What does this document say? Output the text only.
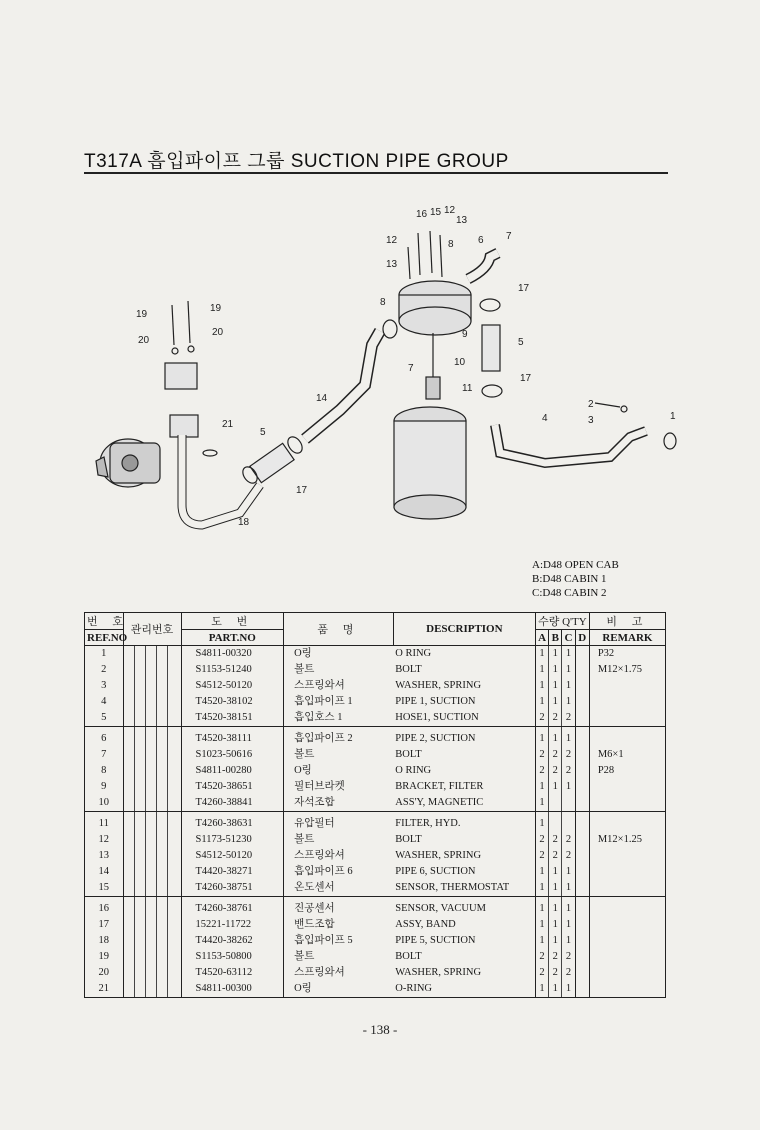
T317A 흡입파이프 그룹 SUCTION PIPE GROUP
16 15 12
13
12
13
6 7
8
17
19
19
20
20
8
9
5
10
7
17
11
14
21
5
17
18
2
3
4	1
A:D48 OPEN CAB
B:D48 CABIN 1
C:D48 CABIN 2
번 호	관리번호					도 번	품 명	DESCRIPTION	수량 Q'TY				비 고
REF.NO						PART.NO			A	B	C	D	REMARK
1						S4811-00320	O링	O RING	1	1	1		P32
2						S1153-51240	볼트	BOLT	1	1	1		M12×1.75
3						S4512-50120	스프링와셔	WASHER, SPRING	1	1	1		
4						T4520-38102	흡입파이프 1	PIPE 1, SUCTION	1	1	1		
5						T4520-38151	흡입호스 1	HOSE1, SUCTION	2	2	2		
6						T4520-38111	흡입파이프 2	PIPE 2, SUCTION	1	1	1		
7						S1023-50616	볼트	BOLT	2	2	2		M6×1
8						S4811-00280	O링	O RING	2	2	2		P28
9						T4520-38651	필터브라켓	BRACKET, FILTER	1	1	1		
10						T4260-38841	자석조합	ASS'Y, MAGNETIC	1				
11						T4260-38631	유압필터	FILTER, HYD.	1				
12						S1173-51230	볼트	BOLT	2	2	2		M12×1.25
13						S4512-50120	스프링와셔	WASHER, SPRING	2	2	2		
14						T4420-38271	흡입파이프 6	PIPE 6, SUCTION	1	1	1		
15						T4260-38751	온도센서	SENSOR, THERMOSTAT	1	1	1		
16						T4260-38761	진공센서	SENSOR, VACUUM	1	1	1		
17						15221-11722	밴드조합	ASSY, BAND	1	1	1		
18						T4420-38262	흡입파이프 5	PIPE 5, SUCTION	1	1	1		
19						S1153-50800	볼트	BOLT	2	2	2		
20						T4520-63112	스프링와셔	WASHER, SPRING	2	2	2		
21						S4811-00300	O링	O-RING	1	1	1		
- 138 -
